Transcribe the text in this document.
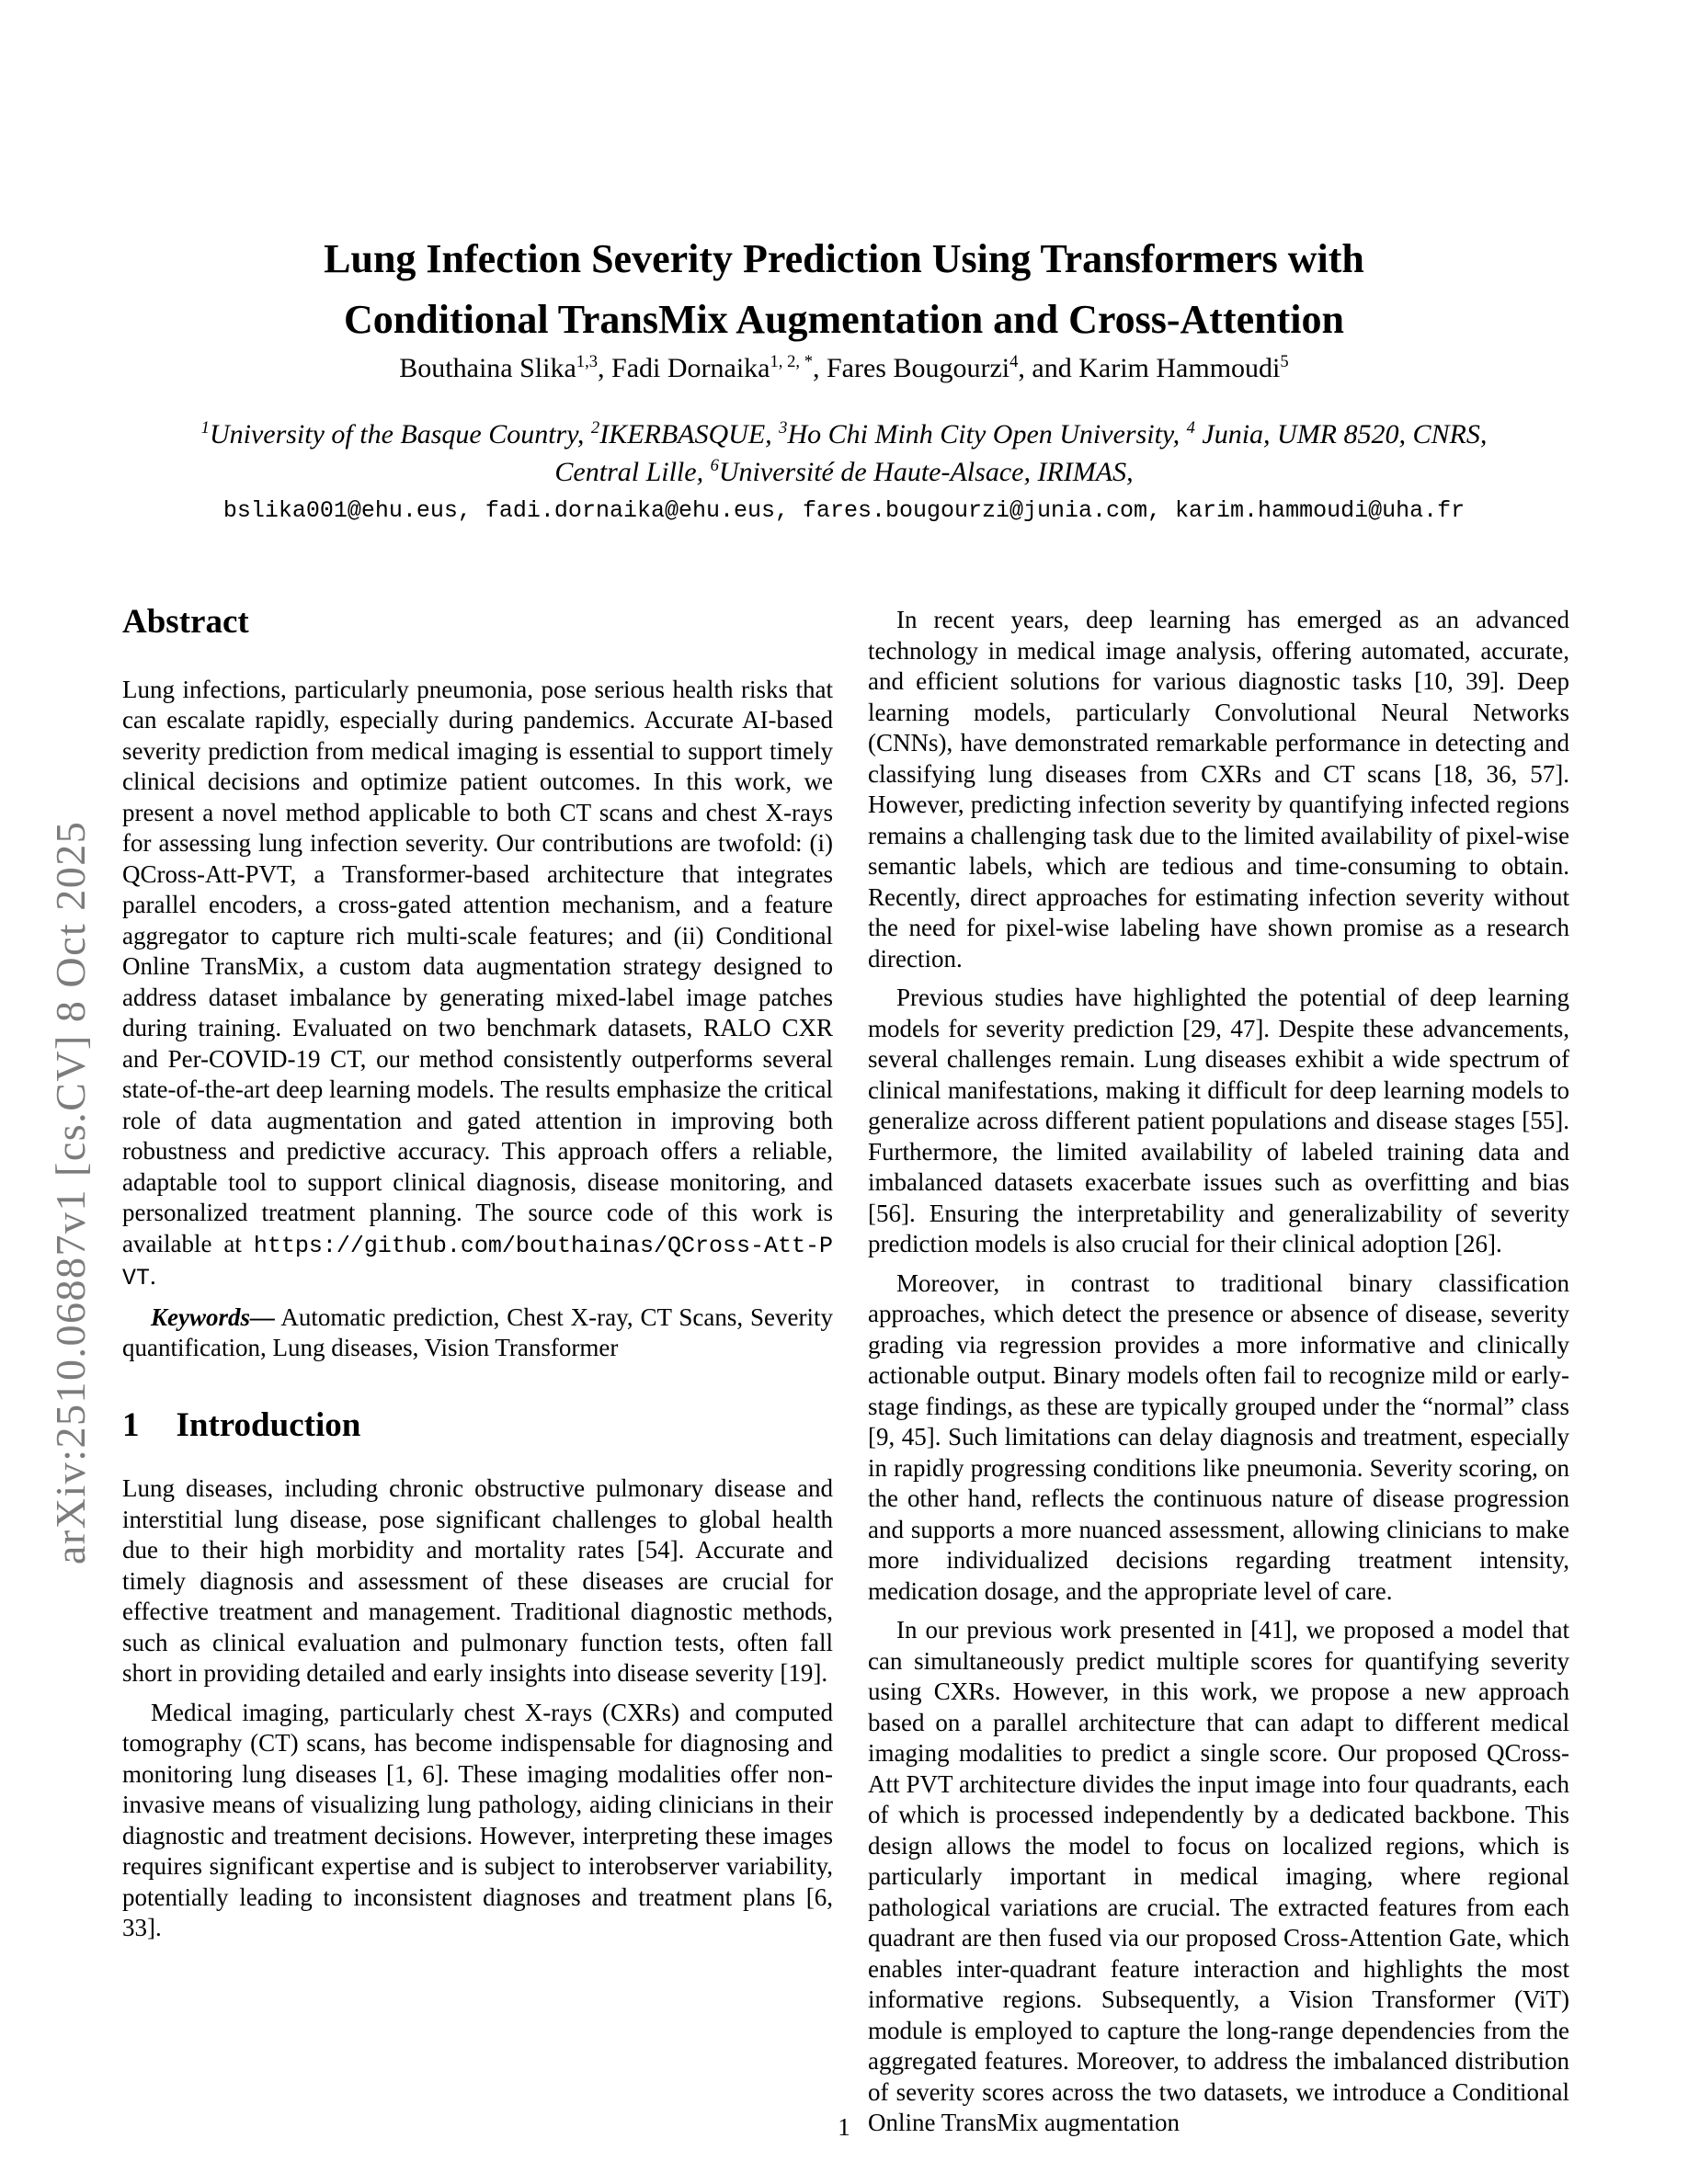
arXiv:2510.06887v1 [cs.CV] 8 Oct 2025
Lung Infection Severity Prediction Using Transformers with
Conditional TransMix Augmentation and Cross-Attention
Bouthaina Slika$^{1,3}$, Fadi Dornaika$^{1, 2, *}$, Fares Bougourzi$^4$, and Karim Hammoudi$^5$
$^1$University of the Basque Country, $^2$IKERBASQUE, $^3$Ho Chi Minh City Open University, $^4$ Junia, UMR 8520, CNRS, Central Lille, $^6$Université de Haute-Alsace, IRIMAS,
bslika001@ehu.eus, fadi.dornaika@ehu.eus, fares.bougourzi@junia.com, karim.hammoudi@uha.fr
Abstract

Lung infections, particularly pneumonia, pose serious health risks that can escalate rapidly, especially during pandemics. Accurate AI-based severity prediction from medical imaging is essential to support timely clinical decisions and optimize patient outcomes. In this work, we present a novel method applicable to both CT scans and chest X-rays for assessing lung infection severity. Our contributions are twofold: (i) QCross-Att-PVT, a Transformer-based architecture that integrates parallel encoders, a cross-gated attention mechanism, and a feature aggregator to capture rich multi-scale features; and (ii) Conditional Online TransMix, a custom data augmentation strategy designed to address dataset imbalance by generating mixed-label image patches during training. Evaluated on two benchmark datasets, RALO CXR and Per-COVID-19 CT, our method consistently outperforms several state-of-the-art deep learning models. The results emphasize the critical role of data augmentation and gated attention in improving both robustness and predictive accuracy. This approach offers a reliable, adaptable tool to support clinical diagnosis, disease monitoring, and personalized treatment planning. The source code of this work is available at https://github.com/bouthainas/QCross-Att-PVT.

Keywords— Automatic prediction, Chest X-ray, CT Scans, Severity quantification, Lung diseases, Vision Transformer

1 Introduction

Lung diseases, including chronic obstructive pulmonary disease and interstitial lung disease, pose significant challenges to global health due to their high morbidity and mortality rates [54]. Accurate and timely diagnosis and assessment of these diseases are crucial for effective treatment and management. Traditional diagnostic methods, such as clinical evaluation and pulmonary function tests, often fall short in providing detailed and early insights into disease severity [19].

Medical imaging, particularly chest X-rays (CXRs) and computed tomography (CT) scans, has become indispensable for diagnosing and monitoring lung diseases [1, 6]. These imaging modalities offer non-invasive means of visualizing lung pathology, aiding clinicians in their diagnostic and treatment decisions. However, interpreting these images requires significant expertise and is subject to interobserver variability, potentially leading to inconsistent diagnoses and treatment plans [6, 33].

In recent years, deep learning has emerged as an advanced technology in medical image analysis, offering automated, accurate, and efficient solutions for various diagnostic tasks [10, 39]. Deep learning models, particularly Convolutional Neural Networks (CNNs), have demonstrated remarkable performance in detecting and classifying lung diseases from CXRs and CT scans [18, 36, 57]. However, predicting infection severity by quantifying infected regions remains a challenging task due to the limited availability of pixel-wise semantic labels, which are tedious and time-consuming to obtain. Recently, direct approaches for estimating infection severity without the need for pixel-wise labeling have shown promise as a research direction.

Previous studies have highlighted the potential of deep learning models for severity prediction [29, 47]. Despite these advancements, several challenges remain. Lung diseases exhibit a wide spectrum of clinical manifestations, making it difficult for deep learning models to generalize across different patient populations and disease stages [55]. Furthermore, the limited availability of labeled training data and imbalanced datasets exacerbate issues such as overfitting and bias [56]. Ensuring the interpretability and generalizability of severity prediction models is also crucial for their clinical adoption [26].

Moreover, in contrast to traditional binary classification approaches, which detect the presence or absence of disease, severity grading via regression provides a more informative and clinically actionable output. Binary models often fail to recognize mild or early-stage findings, as these are typically grouped under the “normal” class [9, 45]. Such limitations can delay diagnosis and treatment, especially in rapidly progressing conditions like pneumonia. Severity scoring, on the other hand, reflects the continuous nature of disease progression and supports a more nuanced assessment, allowing clinicians to make more individualized decisions regarding treatment intensity, medication dosage, and the appropriate level of care.

In our previous work presented in [41], we proposed a model that can simultaneously predict multiple scores for quantifying severity using CXRs. However, in this work, we propose a new approach based on a parallel architecture that can adapt to different medical imaging modalities to predict a single score. Our proposed QCross-Att PVT architecture divides the input image into four quadrants, each of which is processed independently by a dedicated backbone. This design allows the model to focus on localized regions, which is particularly important in medical imaging, where regional pathological variations are crucial. The extracted features from each quadrant are then fused via our proposed Cross-Attention Gate, which enables inter-quadrant feature interaction and highlights the most informative regions. Subsequently, a Vision Transformer (ViT) module is employed to capture the long-range dependencies from the aggregated features. Moreover, to address the imbalanced distribution of severity scores across the two datasets, we introduce a Conditional Online TransMix augmentation

1
